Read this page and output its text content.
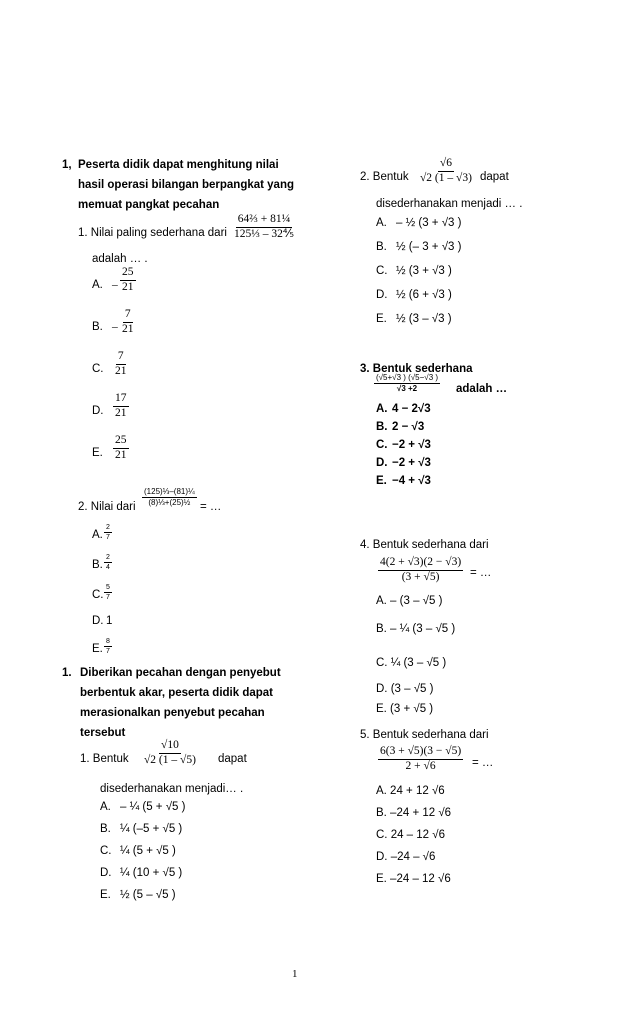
1, Peserta didik dapat menghitung nilai
hasil operasi bilangan berpangkat yang
memuat pangkat pecahan
1. Nilai paling sederhana dari $\frac{\text{64⅔ + 81¼}}{\text{125⅓ – 32⅘}}$
adalah … .
A. – $\frac{25}{21}$
B. – $\frac{7}{21}$
C. $\frac{7}{21}$
D. $\frac{17}{21}$
E. $\frac{25}{21}$
2. Nilai dari $\frac{\text{(125)⅓–(81)¼}}{\text{(8)⅓+(25)½}}$ = …
A. $\frac{2}{7}$
B. $\frac{2}{4}$
C. $\frac{5}{7}$
D. 1
E. $\frac{8}{7}$
1. Diberikan pecahan dengan penyebut
berbentuk akar, peserta didik dapat
merasionalkan penyebut pecahan
tersebut
1. Bentuk $\frac{√10}{√2 (1 - √5)}$ dapat
disederhanakan menjadi… .
A. – ¼ (5 + √5 )
B. ¼ (–5 + √5 )
C. ¼ (5 + √5 )
D. ¼ (10 + √5 )
E. ½ (5 – √5 )
2. Bentuk $\frac{√6}{√2 (1 - √3)}$ dapat
disederhanakan menjadi … .
A. – ½ (3 + √3 )
B. ½ (– 3 + √3 )
C. ½ (3 + √3 )
D. ½ (6 + √3 )
E. ½ (3 – √3 )
3. Bentuk sederhana
$\frac{(√5+√3 ) (√5-√3 )}{√3 +2}$ adalah …
A. 4 − 2√3
B. 2 − √3
C. −2 + √3
D. −2 + √3
E. −4 + √3
4. Bentuk sederhana dari
$\frac{4(2 + √3)(2 - √3)}{(3 + √5)}$ = …
A. – (3 – √5 )
B. – ¼ (3 – √5 )
C. ¼ (3 – √5 )
D. (3 – √5 )
E. (3 + √5 )
5. Bentuk sederhana dari
$\frac{6(3 + √5)(3 - √5)}{2 + √6}$ = …
A. 24 + 12 √6
B. –24 + 12 √6
C. 24 – 12 √6
D. –24 – √6
E. –24 – 12 √6
1
